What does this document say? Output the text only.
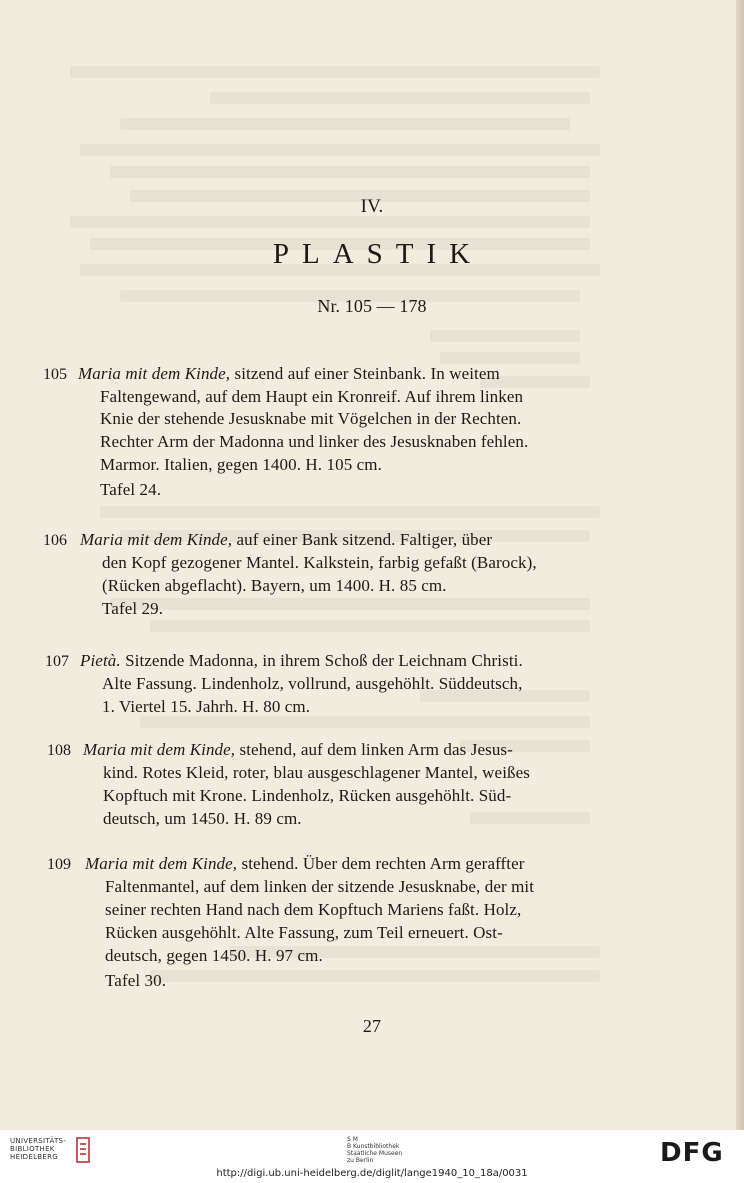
IV.
PLASTIK
Nr. 105 — 178
105 Maria mit dem Kinde, sitzend auf einer Steinbank. In weitem
Faltengewand, auf dem Haupt ein Kronreif. Auf ihrem linken
Knie der stehende Jesusknabe mit Vögelchen in der Rechten.
Rechter Arm der Madonna und linker des Jesusknaben fehlen.
Marmor. Italien, gegen 1400. H. 105 cm.
Tafel 24.
106 Maria mit dem Kinde, auf einer Bank sitzend. Faltiger, über
den Kopf gezogener Mantel. Kalkstein, farbig gefaßt (Barock),
(Rücken abgeflacht). Bayern, um 1400. H. 85 cm.
Tafel 29.
107 Pietà. Sitzende Madonna, in ihrem Schoß der Leichnam Christi.
Alte Fassung. Lindenholz, vollrund, ausgehöhlt. Süddeutsch,
1. Viertel 15. Jahrh. H. 80 cm.
108 Maria mit dem Kinde, stehend, auf dem linken Arm das Jesus-
kind. Rotes Kleid, roter, blau ausgeschlagener Mantel, weißes
Kopftuch mit Krone. Lindenholz, Rücken ausgehöhlt. Süd-
deutsch, um 1450. H. 89 cm.
109 Maria mit dem Kinde, stehend. Über dem rechten Arm geraffter
Faltenmantel, auf dem linken der sitzende Jesusknabe, der mit
seiner rechten Hand nach dem Kopftuch Mariens faßt. Holz,
Rücken ausgehöhlt. Alte Fassung, zum Teil erneuert. Ost-
deutsch, gegen 1450. H. 97 cm.
Tafel 30.
27
UNIVERSITÄTS-
BIBLIOTHEK
HEIDELBERG
S M
B Kunstbibliothek
Staatliche Museen
zu Berlin	DFG
http://digi.ub.uni-heidelberg.de/diglit/lange1940_10_18a/0031
